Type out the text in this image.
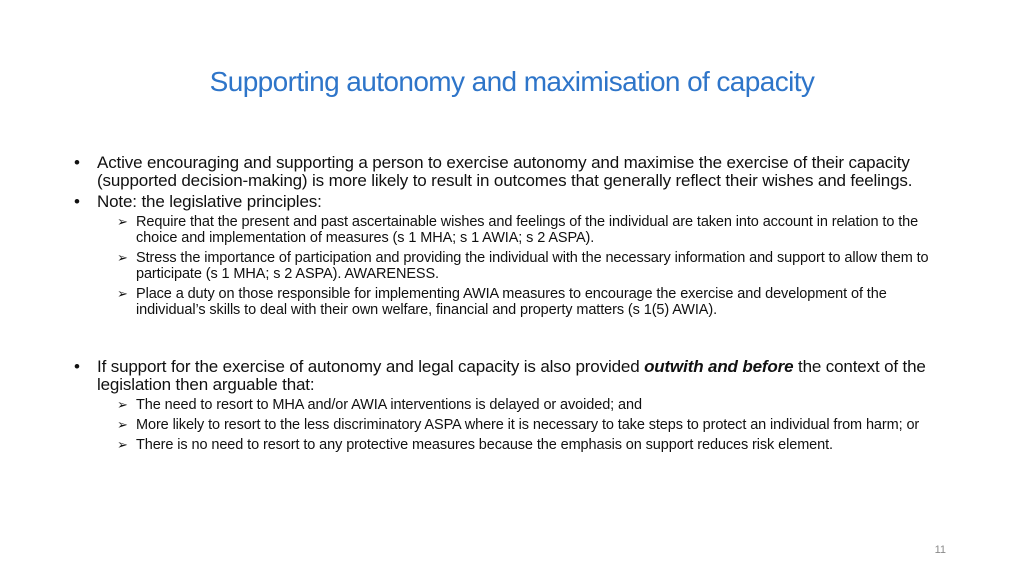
Supporting autonomy and maximisation of capacity
• Active encouraging and supporting a person to exercise autonomy and maximise the exercise of their capacity (supported decision-making) is more likely to result in outcomes that generally reflect their wishes and feelings.
• Note: the legislative principles:
➢ Require that the present and past ascertainable wishes and feelings of the individual are taken into account in relation to the choice and implementation of measures (s 1 MHA; s 1 AWIA; s 2 ASPA).
➢ Stress the importance of participation and providing the individual with the necessary information and support to allow them to participate (s 1 MHA; s 2 ASPA). AWARENESS.
➢ Place a duty on those responsible for implementing AWIA measures to encourage the exercise and development of the individual’s skills to deal with their own welfare, financial and property matters (s 1(5) AWIA).
• If support for the exercise of autonomy and legal capacity is also provided outwith and before the context of the legislation then arguable that:
➢ The need to resort to MHA and/or AWIA interventions is delayed or avoided; and
➢ More likely to resort to the less discriminatory ASPA where it is necessary to take steps to protect an individual from harm; or
➢ There is no need to resort to any protective measures because the emphasis on support reduces risk element.
11
